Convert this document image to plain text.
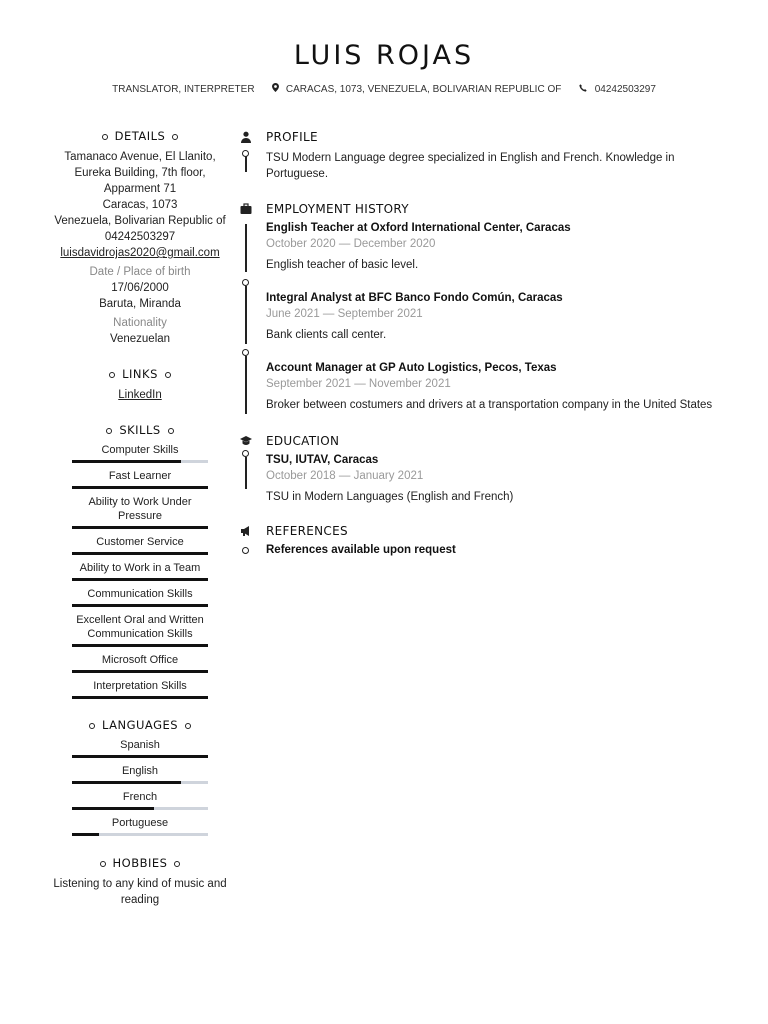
LUIS ROJAS
TRANSLATOR, INTERPRETER	CARACAS, 1073, VENEZUELA, BOLIVARIAN REPUBLIC OF	04242503297
DETAILS
Tamanaco Avenue, El Llanito,
Eureka Building, 7th floor,
Apparment 71
Caracas, 1073
Venezuela, Bolivarian Republic of
04242503297
luisdavidrojas2020@gmail.com
Date / Place of birth
17/06/2000
Baruta, Miranda
Nationality
Venezuelan
LINKS
LinkedIn
SKILLS
Computer Skills
Fast Learner
Ability to Work Under Pressure
Customer Service
Ability to Work in a Team
Communication Skills
Excellent Oral and Written Communication Skills
Microsoft Office
Interpretation Skills
LANGUAGES
Spanish
English
French
Portuguese
HOBBIES
Listening to any kind of music and
reading
PROFILE
TSU Modern Language degree specialized in English and French. Knowledge in
Portuguese.
EMPLOYMENT HISTORY
English Teacher at Oxford International Center, Caracas
October 2020 — December 2020
English teacher of basic level.
Integral Analyst at BFC Banco Fondo Común, Caracas
June 2021 — September 2021
Bank clients call center.
Account Manager at GP Auto Logistics, Pecos, Texas
September 2021 — November 2021
Broker between costumers and drivers at a transportation company in the United States
EDUCATION
TSU, IUTAV, Caracas
October 2018 — January 2021
TSU in Modern Languages (English and French)
REFERENCES
References available upon request
